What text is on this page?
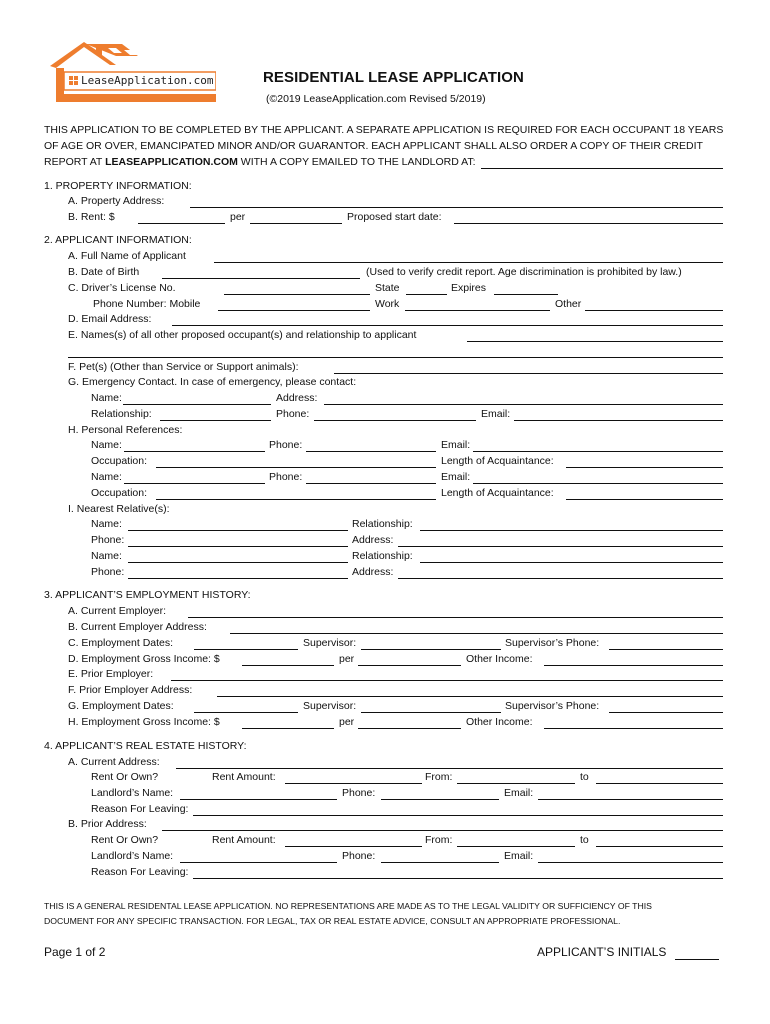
LeaseApplication.com	RESIDENTIAL LEASE APPLICATION
(©2019 LeaseApplication.com Revised 5/2019)
THIS APPLICATION TO BE COMPLETED BY THE APPLICANT. A SEPARATE APPLICATION IS REQUIRED FOR EACH OCCUPANT 18 YEARS
OF AGE OR OVER, EMANCIPATED MINOR AND/OR GUARANTOR. EACH APPLICANT SHALL ALSO ORDER A COPY OF THEIR CREDIT
REPORT AT LEASEAPPLICATION.COM WITH A COPY EMAILED TO THE LANDLORD AT:
1. PROPERTY INFORMATION:
A. Property Address:
B. Rent: $	per	Proposed start date:
2. APPLICANT INFORMATION:
A. Full Name of Applicant
B. Date of Birth	(Used to verify credit report. Age discrimination is prohibited by law.)
C. Driver’s License No.	State	Expires
Phone Number: Mobile	Work	Other
D. Email Address:
E. Names(s) of all other proposed occupant(s) and relationship to applicant
F. Pet(s) (Other than Service or Support animals):
G. Emergency Contact. In case of emergency, please contact:
Name:	Address:
Relationship:	Phone:	Email:
H. Personal References:
Name:	Phone:	Email:
Occupation:	Length of Acquaintance:
Name:	Phone:	Email:
Occupation:	Length of Acquaintance:
I. Nearest Relative(s):
Name:	Relationship:
Phone:	Address:
Name:	Relationship:
Phone:	Address:
3. APPLICANT’S EMPLOYMENT HISTORY:
A. Current Employer:
B. Current Employer Address:
C. Employment Dates:	Supervisor:	Supervisor’s Phone:
D. Employment Gross Income: $	per	Other Income:
E. Prior Employer:
F. Prior Employer Address:
G. Employment Dates:	Supervisor:	Supervisor’s Phone:
H. Employment Gross Income: $	per	Other Income:
4. APPLICANT’S REAL ESTATE HISTORY:
A. Current Address:
Rent Or Own?	Rent Amount:	From:	to
Landlord’s Name:	Phone:	Email:
Reason For Leaving:
B. Prior Address:
Rent Or Own?	Rent Amount:	From:	to
Landlord’s Name:	Phone:	Email:
Reason For Leaving:
THIS IS A GENERAL RESIDENTAL LEASE APPLICATION. NO REPRESENTATIONS ARE MADE AS TO THE LEGAL VALIDITY OR SUFFICIENCY OF THIS
DOCUMENT FOR ANY SPECIFIC TRANSACTION. FOR LEGAL, TAX OR REAL ESTATE ADVICE, CONSULT AN APPROPRIATE PROFESSIONAL.
Page 1 of 2	APPLICANT’S INITIALS
